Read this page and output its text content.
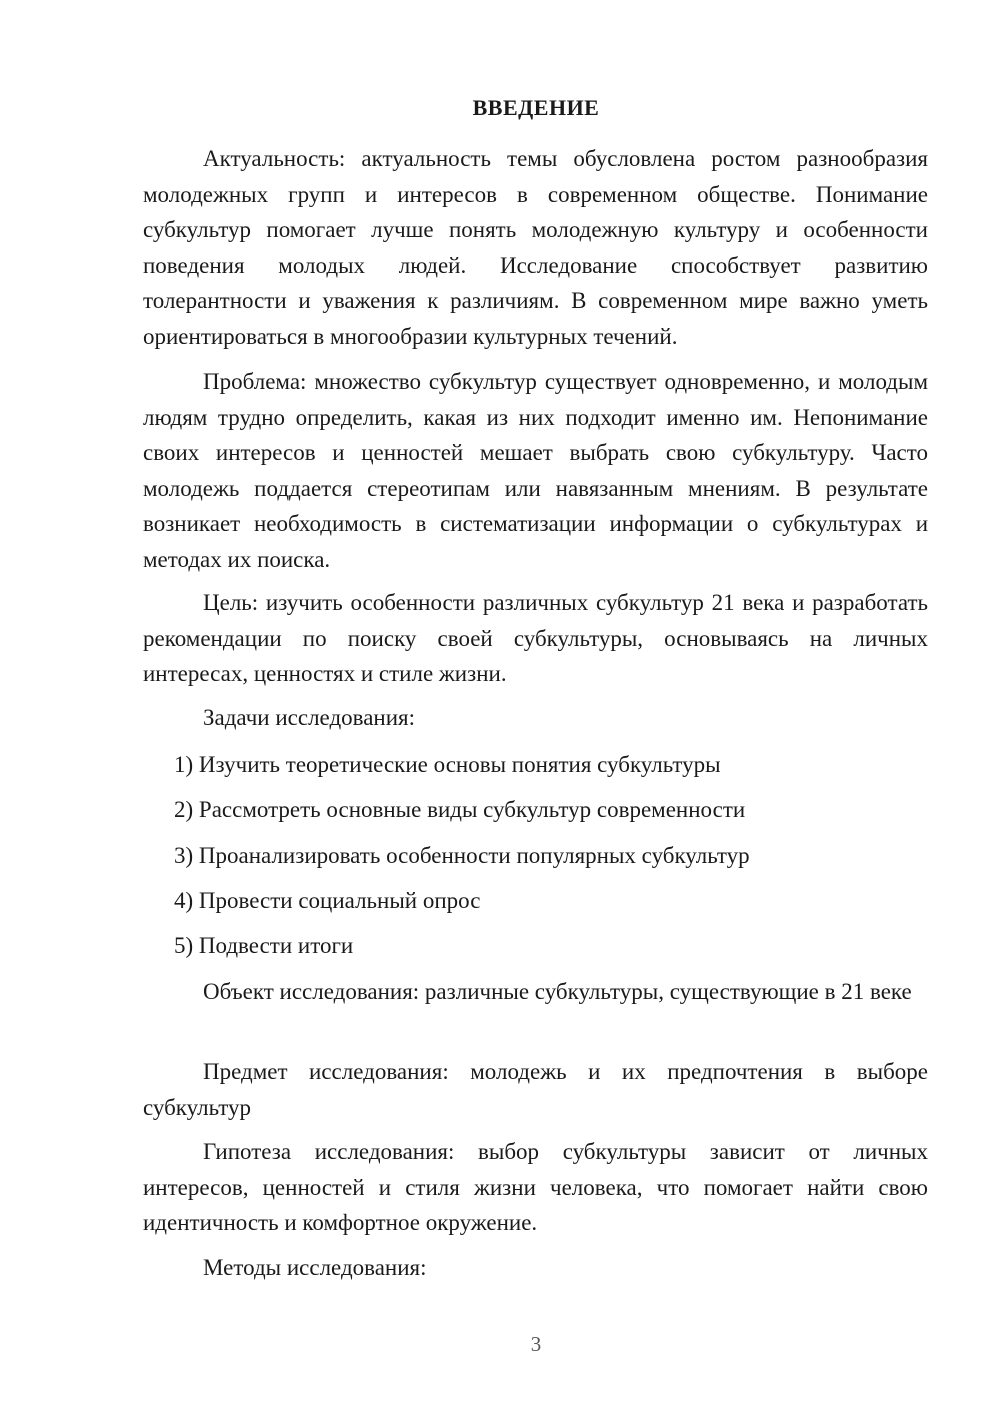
ВВЕДЕНИЕ

Актуальность: актуальность темы обусловлена ростом разнообразия молодежных групп и интересов в современном обществе. Понимание субкультур помогает лучше понять молодежную культуру и особенности поведения молодых людей. Исследование способствует развитию толерантности и уважения к различиям. В современном мире важно уметь ориентироваться в многообразии культурных течений.

Проблема: множество субкультур существует одновременно, и молодым людям трудно определить, какая из них подходит именно им. Непонимание своих интересов и ценностей мешает выбрать свою субкультуру. Часто молодежь поддается стереотипам или навязанным мнениям. В результате возникает необходимость в систематизации информации о субкультурах и методах их поиска.

Цель: изучить особенности различных субкультур 21 века и разработать рекомендации по поиску своей субкультуры, основываясь на личных интересах, ценностях и стиле жизни.

Задачи исследования:

1) Изучить теоретические основы понятия субкультуры

2) Рассмотреть основные виды субкультур современности

3) Проанализировать особенности популярных субкультур

4) Провести социальный опрос

5) Подвести итоги

Объект исследования: различные субкультуры, существующие в 21 веке

Предмет исследования: молодежь и их предпочтения в выборе субкультур

Гипотеза исследования: выбор субкультуры зависит от личных интересов, ценностей и стиля жизни человека, что помогает найти свою идентичность и комфортное окружение.

Методы исследования:

3
